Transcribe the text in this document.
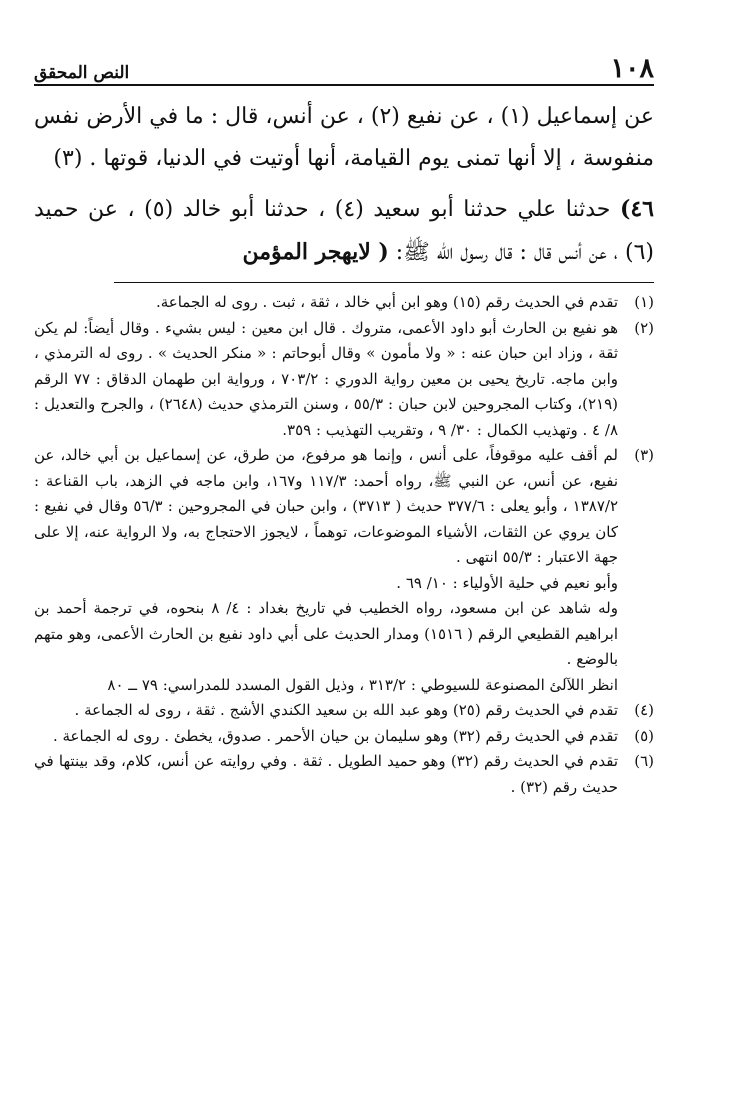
١٠٨
النص المحقق

عن إسماعيل (١) ، عن نفيع (٢) ، عن أنس، قال : ما في الأرض نفس منفوسة ، إلا أنها تمنى يوم القيامة، أنها أوتيت في الدنيا، قوتها . (٣)

٤٦) حدثنا علي حدثنا أبو سعيد (٤) ، حدثنا أبو خالد (٥) ، عن حميد (٦) ، عن أنس قال : قال رسول الله ﷺ: ( لايهجر المؤمن

(١)

تقدم في الحديث رقم (١٥) وهو ابن أبي خالد ، ثقة ، ثبت . روى له الجماعة.

(٢)

هو نفيع بن الحارث أبو داود الأعمى، متروك . قال ابن معين : ليس بشيء . وقال أيضاً: لم يكن ثقة ، وزاد ابن حبان عنه : « ولا مأمون » وقال أبوحاتم : « منكر الحديث » . روى له الترمذي ، وابن ماجه. تاريخ يحيى بن معين رواية الدوري : ٧٠٣/٢ ، ورواية ابن طهمان الدقاق : ٧٧ الرقم (٢١٩)، وكتاب المجروحين لابن حبان : ٥٥/٣ ، وسنن الترمذي حديث (٢٦٤٨) ، والجرح والتعديل : ٨/ ٤ . وتهذيب الكمال : ٣٠/ ٩ ، وتقريب التهذيب : ٣٥٩.

(٣)

لم أقف عليه موقوفاً، على أنس ، وإنما هو مرفوع، من طرق، عن إسماعيل بن أبي خالد، عن نفيع، عن أنس، عن النبي ﷺ، رواه أحمد: ١١٧/٣ و١٦٧، وابن ماجه في الزهد، باب القناعة : ١٣٨٧/٢ ، وأبو يعلى : ٣٧٧/٦ حديث ( ٣٧١٣) ، وابن حبان في المجروحين : ٥٦/٣ وقال في نفيع : كان يروي عن الثقات، الأشياء الموضوعات، توهماً ، لايجوز الاحتجاج به، ولا الرواية عنه، إلا على جهة الاعتبار : ٥٥/٣ انتهى .

وأبو نعيم في حلية الأولياء : ١٠/ ٦٩ .

وله شاهد عن ابن مسعود، رواه الخطيب في تاريخ بغداد : ٤/ ٨ بنحوه، في ترجمة أحمد بن ابراهيم القطيعي الرقم ( ١٥١٦) ومدار الحديث على أبي داود نفيع بن الحارث الأعمى، وهو متهم بالوضع .

انظر اللآلئ المصنوعة للسيوطي : ٣١٣/٢ ، وذيل القول المسدد للمدراسي: ٧٩ ــ ٨٠

(٤)

تقدم في الحديث رقم (٢٥) وهو عبد الله بن سعيد الكندي الأشج . ثقة ، روى له الجماعة .

(٥)

تقدم في الحديث رقم (٣٢) وهو سليمان بن حيان الأحمر . صدوق، يخطئ . روى له الجماعة .

(٦)

تقدم في الحديث رقم (٣٢) وهو حميد الطويل . ثقة . وفي روايته عن أنس، كلام، وقد بينتها في حديث رقم (٣٢) .
